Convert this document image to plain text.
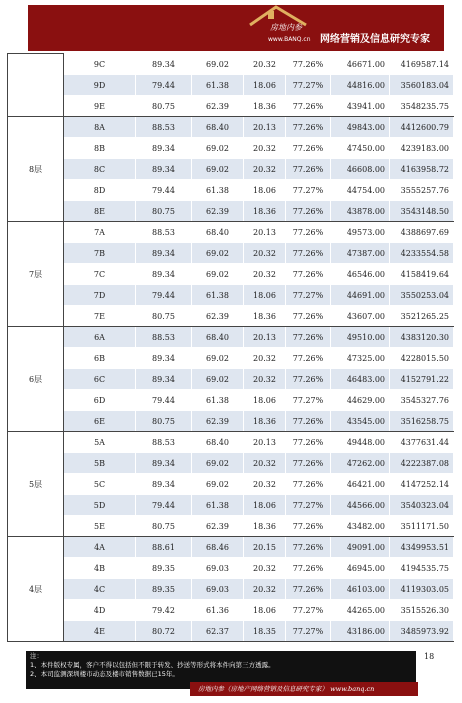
房地内参
www.BANQ.cn 网络营销及信息研究专家
	9C	89.34	69.02	20.32	77.26%	46671.00	4169587.14
	9D	79.44	61.38	18.06	77.27%	44816.00	3560183.04
	9E	80.75	62.39	18.36	77.26%	43941.00	3548235.75
8层	8A	88.53	68.40	20.13	77.26%	49843.00	4412600.79
	8B	89.34	69.02	20.32	77.26%	47450.00	4239183.00
	8C	89.34	69.02	20.32	77.26%	46608.00	4163958.72
	8D	79.44	61.38	18.06	77.27%	44754.00	3555257.76
	8E	80.75	62.39	18.36	77.26%	43878.00	3543148.50
7层	7A	88.53	68.40	20.13	77.26%	49573.00	4388697.69
	7B	89.34	69.02	20.32	77.26%	47387.00	4233554.58
	7C	89.34	69.02	20.32	77.26%	46546.00	4158419.64
	7D	79.44	61.38	18.06	77.27%	44691.00	3550253.04
	7E	80.75	62.39	18.36	77.26%	43607.00	3521265.25
6层	6A	88.53	68.40	20.13	77.26%	49510.00	4383120.30
	6B	89.34	69.02	20.32	77.26%	47325.00	4228015.50
	6C	89.34	69.02	20.32	77.26%	46483.00	4152791.22
	6D	79.44	61.38	18.06	77.27%	44629.00	3545327.76
	6E	80.75	62.39	18.36	77.26%	43545.00	3516258.75
5层	5A	88.53	68.40	20.13	77.26%	49448.00	4377631.44
	5B	89.34	69.02	20.32	77.26%	47262.00	4222387.08
	5C	89.34	69.02	20.32	77.26%	46421.00	4147252.14
	5D	79.44	61.38	18.06	77.27%	44566.00	3540323.04
	5E	80.75	62.39	18.36	77.26%	43482.00	3511171.50
4层	4A	88.61	68.46	20.15	77.26%	49091.00	4349953.51
	4B	89.35	69.03	20.32	77.26%	46945.00	4194535.75
	4C	89.35	69.03	20.32	77.26%	46103.00	4119303.05
	4D	79.42	61.36	18.06	77.27%	44265.00	3515526.30
	4E	80.72	62.37	18.35	77.27%	43186.00	3485973.92
注：
1、本件版权专属，客户不得以包括但不限于转发、抄送等形式将本件向第三方透露。
2、本司监测深圳楼市动态及楼市销售数据已15年。
18
房地内参（房地产网络营销及信息研究专家） www.banq.cn
